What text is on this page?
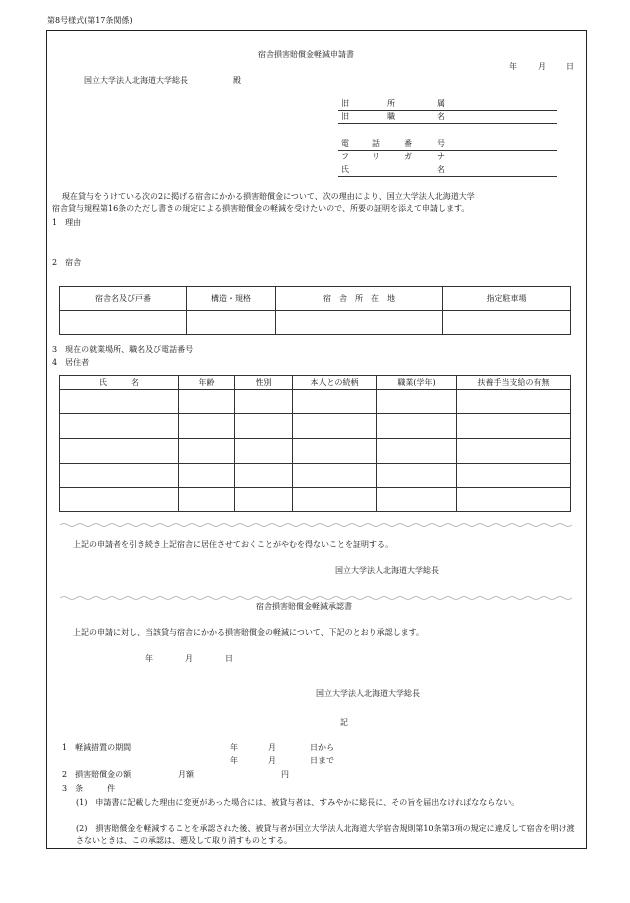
第8号様式(第17条関係)
宿舎損害賠償金軽減申請書
年	月	日
国立大学法人北海道大学総長	殿
旧	所	属
旧	職	名
電	話	番	号
フ	リ	ガ	ナ
氏	名
現在貸与をうけている次の2に掲げる宿舎にかかる損害賠償金について、次の理由により、国立大学法人北海道大学
宿舎貸与規程第16条のただし書きの規定による損害賠償金の軽減を受けたいので、所要の証明を添えて申請します。
1　理由
2　宿舎
宿舎名及び戸番	構造・規格	宿　舎　所　在　地	指定駐車場

3　現在の就業場所、職名及び電話番号
4　居住者
氏　　　名	年齢	性別	本人との続柄	職業(学年)	扶養手当支給の有無

上記の申請者を引き続き上記宿舎に居住させておくことがやむを得ないことを証明する。
国立大学法人北海道大学総長
宿舎損害賠償金軽減承認書
上記の申請に対し、当該貸与宿舎にかかる損害賠償金の軽減について、下記のとおり承認します。
年	月	日
国立大学法人北海道大学総長
記
1　軽減措置の期間	年	月	日から
年	月	日まで
2　損害賠償金の額	月額	円
3　条　　　件
(1)　申請書に記載した理由に変更があった場合には、被貸与者は、すみやかに総長に、その旨を届出なければなならない。
(2)　損害賠償金を軽減することを承認された後、被貸与者が国立大学法人北海道大学宿舎規則第10条第3項の規定に違反して宿舎を明け渡さないときは、この承認は、遡及して取り消すものとする。
